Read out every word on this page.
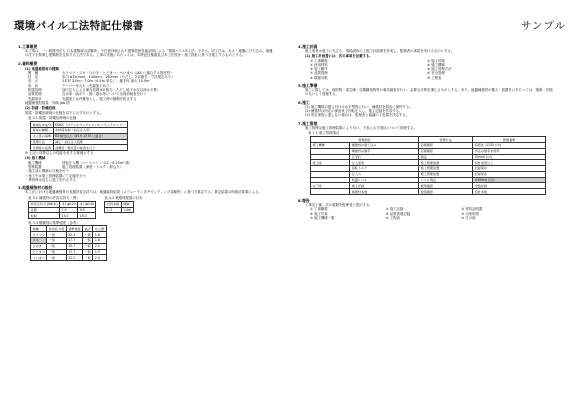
環境パイル工法特記仕様書	サンプル
1.工事概要
本工事は、「一般財団法人 日本建築総合試験所」で任意評価された建築技術性能証明による「環境パイルS工法」である。同工法は、丸太・地盤に打ち込み、地盤の沈下を抑制し建築物を支持する工法である。工事の実施にあたっては、本特記仕様書及び本工法設計・施工指針に基づき施工するものとする。
2.資料概要
(1) 地盤補強材の種類
樹　種	カラマツ・スギ・ひのき・とどまつ・ペいまつ（JAS に適合する国産材）
材　径	末口 φ120mm、140mm、160mm（ただし、2本継ぎ・寸法規定あり）
長　さ	1本材 3.0m〜7.0m（0.5m 単位）、継手付 最大 10.0m
形　状	テーパー付丸太（先端加工あり）
防腐処理	加圧注入による保存処理 K4 相当（ただし地下水位以深は不要）
品質管理	含水率・曲がり・節・割れ等について出荷前検査を行う
先端形状	先端加工は円錐形とし、施工時の損傷を防止する
地盤補強材数量　別紙 Job 図
(2) 防腐・防蟻処理
防腐・防蟻処理剤の仕様を以下に示すものとする。
表 2.1 防腐・防蟻処理剤の仕様
薬剤有効成分	DDAC（ジデシルジメチルアンモニウムクロリド）
薬剤の種類	木材保存剤（加圧注入用）
注入量の基準	K3 相当以上（JIS K 1570 に適合）
処理方法	減圧・加圧注入処理
出荷時の品質	浸潤度・吸収量の検査を行う
※ 上記と同等以上の性能を有する薬剤とする
(3) 施工機械
施工機械	回転圧入機（ベースマシン 0.1〜0.25m³ 級）
管理装置	施工管理装置（深度・トルク・押込力）
・施工前に機械の点検を行う
・施工中は施工管理装置にて記録を行う
・異常時は直ちに施工を中止する
3.地盤補強材の設計
本工法における地盤補強材の長期許容支持力は、地盤調査結果（スウェーデン式サウンディング試験等）に基づき算定する。算定結果は別紙計算書による。
表 3.1 補強材の許容支持力（例）
許容支持力 (kN/本)	末口φ120	末口φ140
長期	7.0	9.0
短期	14.0	18.0
表 3.2 補強材配置の目安
材料本数	間隔
1,3	1.0m
表 3.3 樹種別の基準強度（参考）
樹種	許容応力度	基準強度	曲げ	せん断
カラマツ	一般	22.4	一般	1.8
スギ	一般	17.7	一般	1.8
ひのき	一般	20.7	一般	2.1
とどまつ	一般	17.7	一般	1.5
ぺいまつ	一般	22.2	一般	2.4
4.施工計画
施工業者は施工に先立ち、現地調査の上施工計画書を作成し、監理者の承認を受けるものとする。
(1) 施工計画書には、次の事項を記載する。
① 工事概要	② 施工体制
③ 使用材料	④ 施工機械
⑤ 施工順序	⑥ 施工管理方法
⑦ 品質管理	⑧ 安全管理
⑨ 環境対策	⑩ 工程表
5.施工準備
施工に際しては、埋設物・架空線・近隣構造物等の事前調査を行い、必要な対策を講じるものとする。また、地盤補強材の搬入・仮置きにあたっては、損傷・汚損のないよう管理する。
6.施工
(1) 施工機械の据え付けは水平堅固に行い、補強材を鉛直に保持する。
(2) 補強材は所定の深度まで回転圧入し、施工記録を作成する。
(3) 所定深度に達しない場合は、監理者と協議の上処置を決定する。
7.施工管理
施工管理は施工管理装置により行い、下表に示す項目について管理する。
表 7.1 施工管理項目
管理項目		管理方法	管理基準
施工機械	補強材の建て込み	目視確認	鉛直性 1/100 以内
	補強材の継手	目視確認	所定の継手を使用
	芯ずれ	測定	50mm 以内
施工時	圧入深度	施工管理装置	設計深度以上
	回転トルク	施工管理装置	記録保存
	圧入力	施工管理装置	記録保存
	杭頭レベル	レベル測定	±30mm 以内
完了時	施工記録	帳票確認	全数記録
	補強材本数	数量確認	設計本数
8.報告
工事完了後、次の書類を監理者に提出する。
① 工事概要	② 施工記録	③ 材料証明書
④ 施工写真	⑤ 品質管理記録	⑥ 出来形図
⑦ 施工機械一覧	⑧ 工程表	⑨ その他
